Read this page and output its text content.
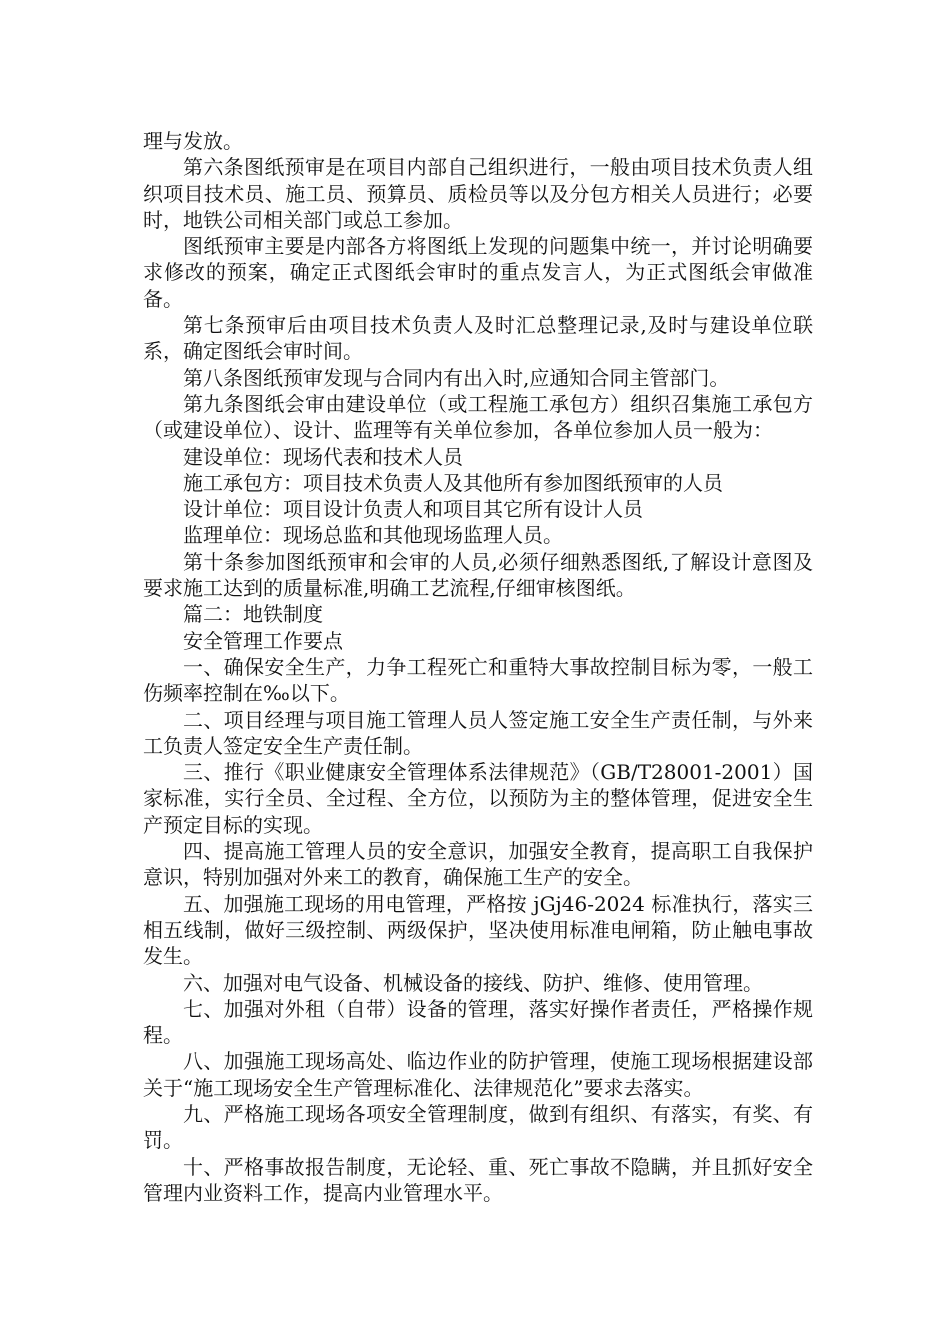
理与发放。

第六条图纸预审是在项目内部自己组织进行，一般由项目技术负责人组织项目技术员、施工员、预算员、质检员等以及分包方相关人员进行；必要时，地铁公司相关部门或总工参加。

图纸预审主要是内部各方将图纸上发现的问题集中统一，并讨论明确要求修改的预案，确定正式图纸会审时的重点发言人，为正式图纸会审做准备。

第七条预审后由项目技术负责人及时汇总整理记录,及时与建设单位联系，确定图纸会审时间。

第八条图纸预审发现与合同内有出入时,应通知合同主管部门。

第九条图纸会审由建设单位（或工程施工承包方）组织召集施工承包方（或建设单位）、设计、监理等有关单位参加，各单位参加人员一般为：

建设单位：现场代表和技术人员

施工承包方：项目技术负责人及其他所有参加图纸预审的人员

设计单位：项目设计负责人和项目其它所有设计人员

监理单位：现场总监和其他现场监理人员。

第十条参加图纸预审和会审的人员,必须仔细熟悉图纸,了解设计意图及要求施工达到的质量标准,明确工艺流程,仔细审核图纸。

篇二：地铁制度

安全管理工作要点

一、确保安全生产，力争工程死亡和重特大事故控制目标为零，一般工伤频率控制在‰以下。

二、项目经理与项目施工管理人员人签定施工安全生产责任制，与外来工负责人签定安全生产责任制。

三、推行《职业健康安全管理体系法律规范》（GB/T28001-2001）国家标准，实行全员、全过程、全方位，以预防为主的整体管理，促进安全生产预定目标的实现。

四、提高施工管理人员的安全意识，加强安全教育，提高职工自我保护意识，特别加强对外来工的教育，确保施工生产的安全。

五、加强施工现场的用电管理，严格按 jGj46-2024 标准执行，落实三相五线制，做好三级控制、两级保护，坚决使用标准电闸箱，防止触电事故发生。

六、加强对电气设备、机械设备的接线、防护、维修、使用管理。

七、加强对外租（自带）设备的管理，落实好操作者责任，严格操作规程。

八、加强施工现场高处、临边作业的防护管理，使施工现场根据建设部关于“施工现场安全生产管理标准化、法律规范化”要求去落实。

九、严格施工现场各项安全管理制度，做到有组织、有落实，有奖、有罚。

十、严格事故报告制度，无论轻、重、死亡事故不隐瞒，并且抓好安全管理内业资料工作，提高内业管理水平。
